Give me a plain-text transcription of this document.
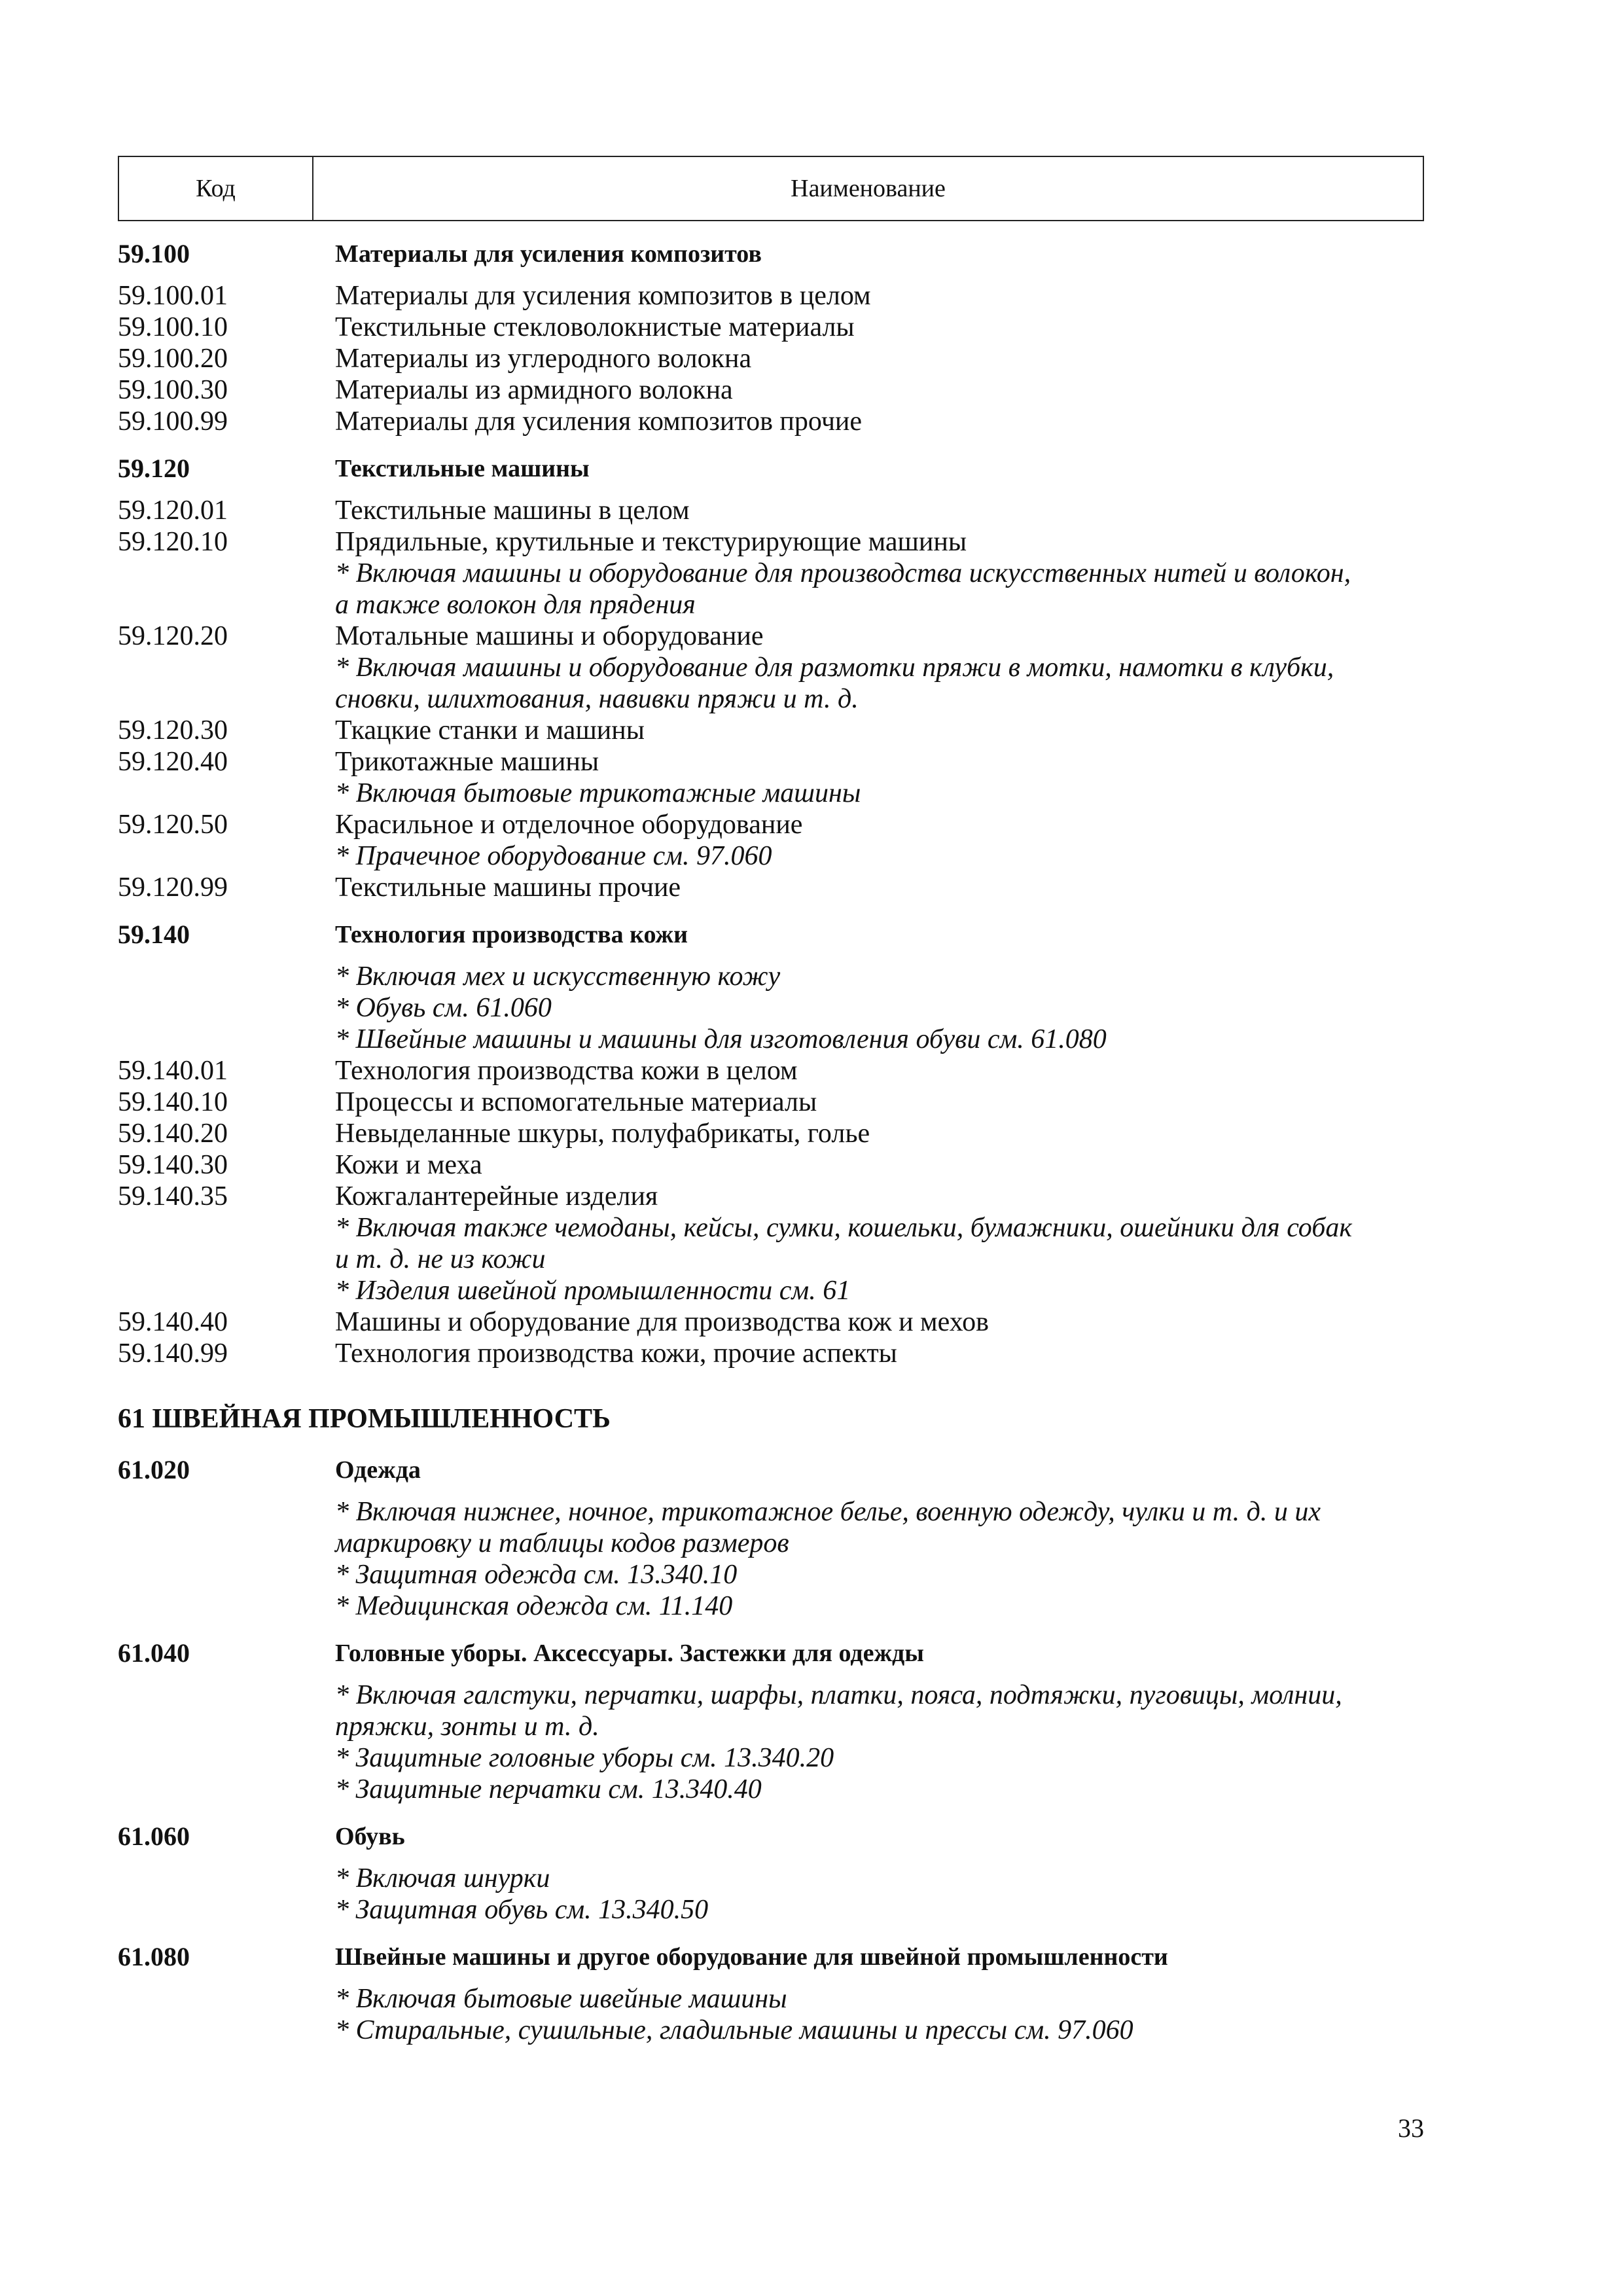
Код	Наименование
59.100	Материалы для усиления композитов
59.100.01	Материалы для усиления композитов в целом
59.100.10	Текстильные стекловолокнистые материалы
59.100.20	Материалы из углеродного волокна
59.100.30	Материалы из армидного волокна
59.100.99	Материалы для усиления композитов прочие
59.120	Текстильные машины
59.120.01	Текстильные машины в целом
59.120.10	Прядильные, крутильные и текстурирующие машины
* Включая машины и оборудование для производства искусственных нитей и волокон,
а также волокон для прядения
59.120.20	Мотальные машины и оборудование
* Включая машины и оборудование для размотки пряжи в мотки, намотки в клубки,
сновки, шлихтования, навивки пряжи и т. д.
59.120.30	Ткацкие станки и машины
59.120.40	Трикотажные машины
* Включая бытовые трикотажные машины
59.120.50	Красильное и отделочное оборудование
* Прачечное оборудование см. 97.060
59.120.99	Текстильные машины прочие
59.140	Технология производства кожи
* Включая мех и искусственную кожу
* Обувь см. 61.060
* Швейные машины и машины для изготовления обуви см. 61.080
59.140.01	Технология производства кожи в целом
59.140.10	Процессы и вспомогательные материалы
59.140.20	Невыделанные шкуры, полуфабрикаты, голье
59.140.30	Кожи и меха
59.140.35	Кожгалантерейные изделия
* Включая также чемоданы, кейсы, сумки, кошельки, бумажники, ошейники для собак
и т. д. не из кожи
* Изделия швейной промышленности см. 61
59.140.40	Машины и оборудование для производства кож и мехов
59.140.99	Технология производства кожи, прочие аспекты
61 ШВЕЙНАЯ ПРОМЫШЛЕННОСТЬ
61.020	Одежда
* Включая нижнее, ночное, трикотажное белье, военную одежду, чулки и т. д. и их
маркировку и таблицы кодов размеров
* Защитная одежда см. 13.340.10
* Медицинская одежда см. 11.140
61.040	Головные уборы. Аксессуары. Застежки для одежды
* Включая галстуки, перчатки, шарфы, платки, пояса, подтяжки, пуговицы, молнии,
пряжки, зонты и т. д.
* Защитные головные уборы см. 13.340.20
* Защитные перчатки см. 13.340.40
61.060	Обувь
* Включая шнурки
* Защитная обувь см. 13.340.50
61.080	Швейные машины и другое оборудование для швейной промышленности
* Включая бытовые швейные машины
* Стиральные, сушильные, гладильные машины и прессы см. 97.060
33
